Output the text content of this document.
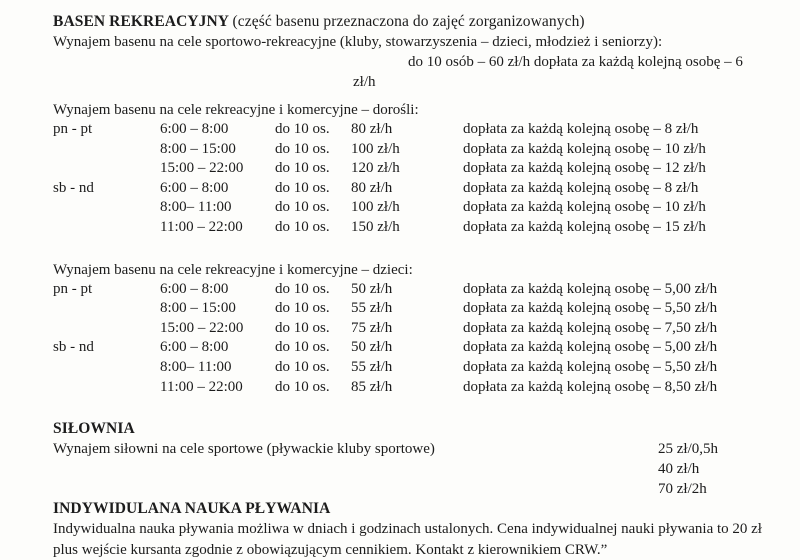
BASEN REKREACYJNY (część basenu przeznaczona do zajęć zorganizowanych)
Wynajem basenu na cele sportowo-rekreacyjne (kluby, stowarzyszenia – dzieci, młodzież i seniorzy):
do 10 osób – 60 zł/h dopłata za każdą kolejną osobę – 6
zł/h
Wynajem basenu na cele rekreacyjne i komercyjne – dorośli:
pn - pt	6:00 – 8:00	do 10 os.	80 zł/h	dopłata za każdą kolejną osobę – 8 zł/h
	8:00 – 15:00	do 10 os.	100 zł/h	dopłata za każdą kolejną osobę – 10 zł/h
	15:00 – 22:00	do 10 os.	120 zł/h	dopłata za każdą kolejną osobę – 12 zł/h
sb - nd	6:00 – 8:00	do 10 os.	80 zł/h	dopłata za każdą kolejną osobę – 8 zł/h
	8:00– 11:00	do 10 os.	100 zł/h	dopłata za każdą kolejną osobę – 10 zł/h
	11:00 – 22:00	do 10 os.	150 zł/h	dopłata za każdą kolejną osobę – 15 zł/h
Wynajem basenu na cele rekreacyjne i komercyjne – dzieci:
pn - pt	6:00 – 8:00	do 10 os.	50 zł/h	dopłata za każdą kolejną osobę – 5,00 zł/h
	8:00 – 15:00	do 10 os.	55 zł/h	dopłata za każdą kolejną osobę – 5,50 zł/h
	15:00 – 22:00	do 10 os.	75 zł/h	dopłata za każdą kolejną osobę – 7,50 zł/h
sb - nd	6:00 – 8:00	do 10 os.	50 zł/h	dopłata za każdą kolejną osobę – 5,00 zł/h
	8:00– 11:00	do 10 os.	55 zł/h	dopłata za każdą kolejną osobę – 5,50 zł/h
	11:00 – 22:00	do 10 os.	85 zł/h	dopłata za każdą kolejną osobę – 8,50 zł/h
SIŁOWNIA
Wynajem siłowni na cele sportowe (pływackie kluby sportowe)	25 zł/0,5h
40 zł/h
70 zł/2h
INDYWIDULANA NAUKA PŁYWANIA
Indywidualna nauka pływania możliwa w dniach i godzinach ustalonych. Cena indywidualnej nauki pływania to 20 zł plus wejście kursanta zgodnie z obowiązującym cennikiem. Kontakt z kierownikiem CRW.”
